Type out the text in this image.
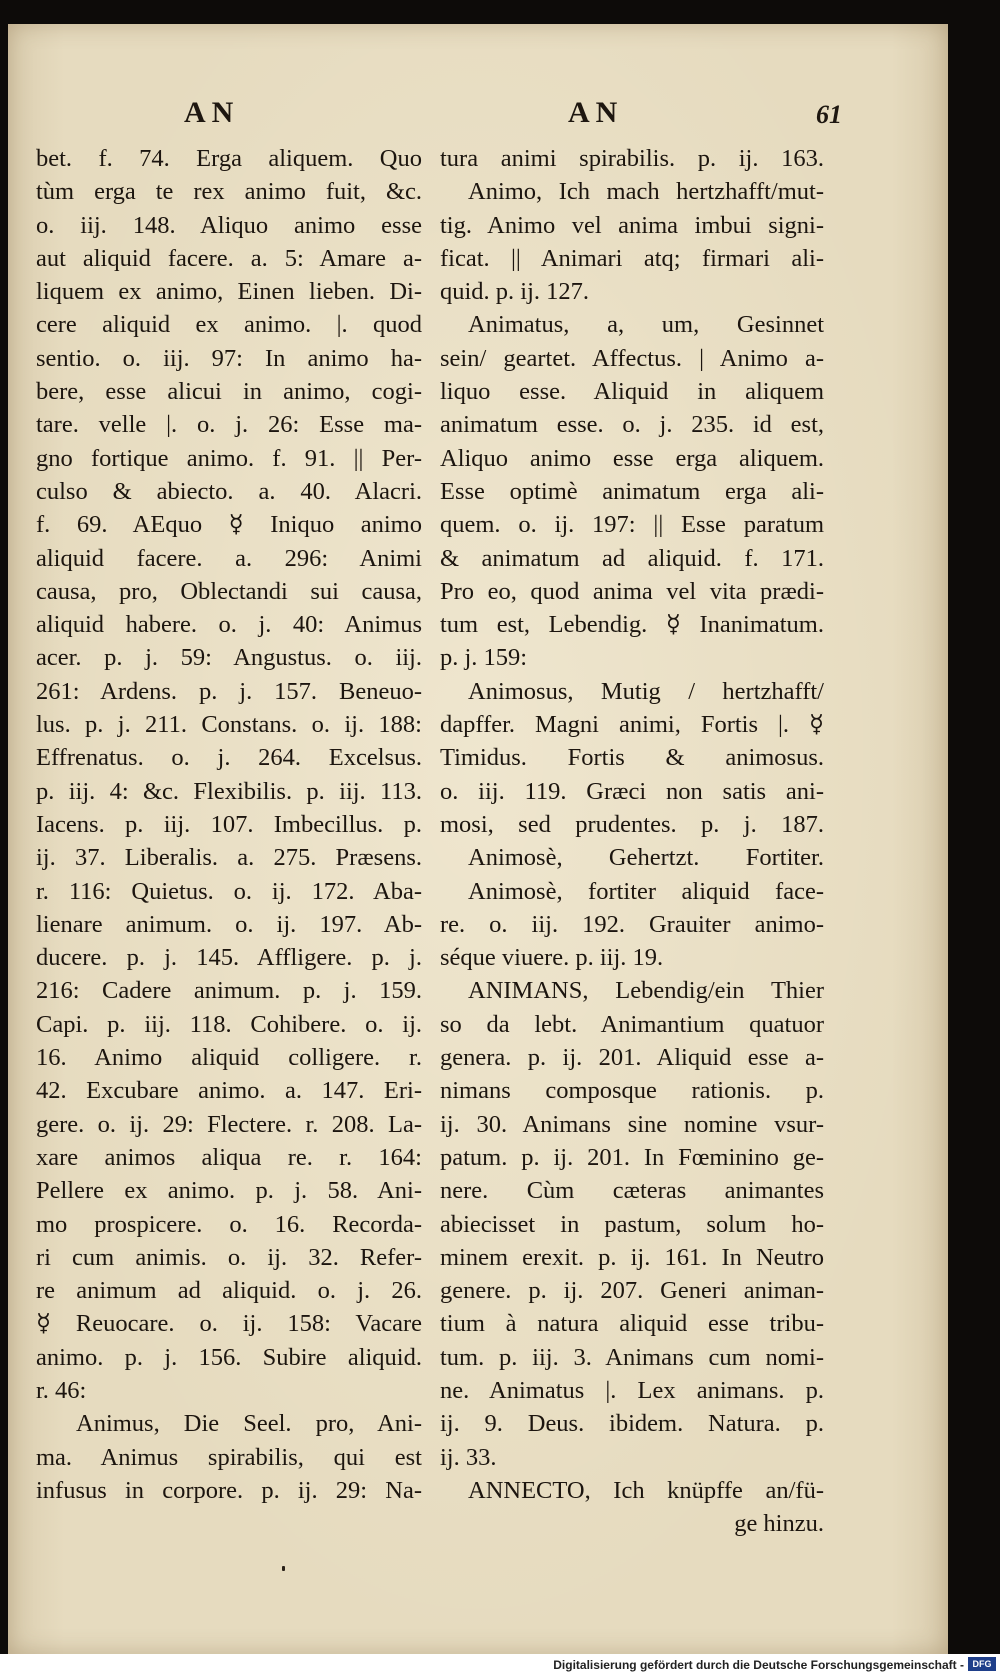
AN	AN	61
bet. f. 74. Erga aliquem. Quo
tùm erga te rex animo fuit, &c.
o. iij. 148. Aliquo animo esse
aut aliquid facere. a. 5: Amare a-
liquem ex animo, Einen lieben. Di-
cere aliquid ex animo. |. quod
sentio. o. iij. 97: In animo ha-
bere, esse alicui in animo, cogi-
tare. velle |. o. j. 26: Esse ma-
gno fortique animo. f. 91. || Per-
culso & abiecto. a. 40. Alacri.
f. 69. AEquo ☿ Iniquo animo
aliquid facere. a. 296: Animi
causa, pro, Oblectandi sui causa,
aliquid habere. o. j. 40: Animus
acer. p. j. 59: Angustus. o. iij.
261: Ardens. p. j. 157. Beneuo-
lus. p. j. 211. Constans. o. ij. 188:
Effrenatus. o. j. 264. Excelsus.
p. iij. 4: &c. Flexibilis. p. iij. 113.
Iacens. p. iij. 107. Imbecillus. p.
ij. 37. Liberalis. a. 275. Præsens.
r. 116: Quietus. o. ij. 172. Aba-
lienare animum. o. ij. 197. Ab-
ducere. p. j. 145. Affligere. p. j.
216: Cadere animum. p. j. 159.
Capi. p. iij. 118. Cohibere. o. ij.
16. Animo aliquid colligere. r.
42. Excubare animo. a. 147. Eri-
gere. o. ij. 29: Flectere. r. 208. La-
xare animos aliqua re. r. 164:
Pellere ex animo. p. j. 58. Ani-
mo prospicere. o. 16. Recorda-
ri cum animis. o. ij. 32. Refer-
re animum ad aliquid. o. j. 26.
☿ Reuocare. o. ij. 158: Vacare
animo. p. j. 156. Subire aliquid.
r. 46:
Animus, Die Seel. pro, Ani-
ma. Animus spirabilis, qui est
infusus in corpore. p. ij. 29: Na-
tura animi spirabilis. p. ij. 163.
Animo, Ich mach hertzhafft/mut-
tig. Animo vel anima imbui signi-
ficat. || Animari atq; firmari ali-
quid. p. ij. 127.
Animatus, a, um, Gesinnet
sein/ geartet. Affectus. | Animo a-
liquo esse. Aliquid in aliquem
animatum esse. o. j. 235. id est,
Aliquo animo esse erga aliquem.
Esse optimè animatum erga ali-
quem. o. ij. 197: || Esse paratum
& animatum ad aliquid. f. 171.
Pro eo, quod anima vel vita prædi-
tum est, Lebendig. ☿ Inanimatum.
p. j. 159:
Animosus, Mutig / hertzhafft/
dapffer. Magni animi, Fortis |. ☿
Timidus. Fortis & animosus.
o. iij. 119. Græci non satis ani-
mosi, sed prudentes. p. j. 187.
Animosè, Gehertzt. Fortiter.
Animosè, fortiter aliquid face-
re. o. iij. 192. Grauiter animo-
séque viuere. p. iij. 19.
ANIMANS, Lebendig/ein Thier
so da lebt. Animantium quatuor
genera. p. ij. 201. Aliquid esse a-
nimans composque rationis. p.
ij. 30. Animans sine nomine vsur-
patum. p. ij. 201. In Fœminino ge-
nere. Cùm cæteras animantes
abiecisset in pastum, solum ho-
minem erexit. p. ij. 161. In Neutro
genere. p. ij. 207. Generi animan-
tium à natura aliquid esse tribu-
tum. p. iij. 3. Animans cum nomi-
ne. Animatus |. Lex animans. p.
ij. 9. Deus. ibidem. Natura. p.
ij. 33.
ANNECTO, Ich knüpffe an/fü-
ge hinzu.
Digitalisierung gefördert durch die Deutsche Forschungsgemeinschaft - DFG
